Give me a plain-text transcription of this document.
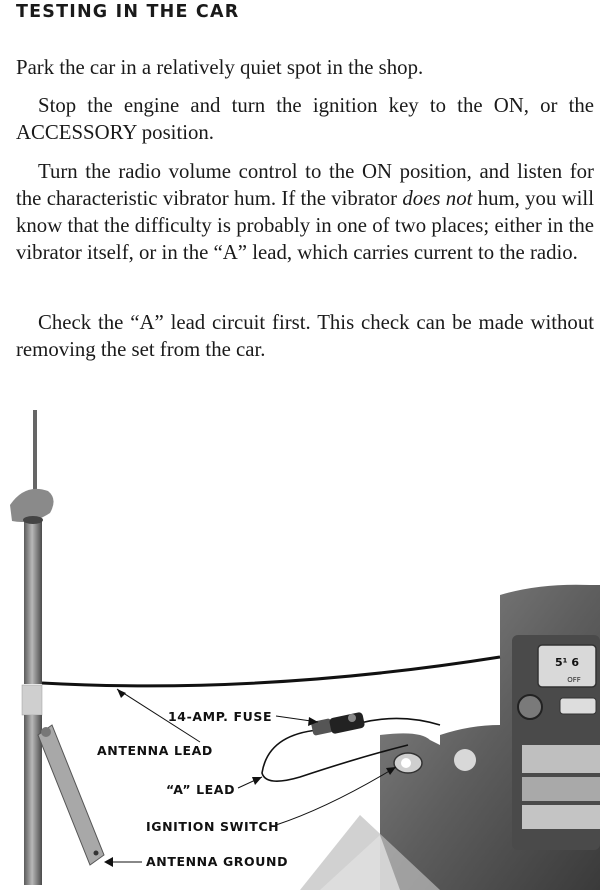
TESTING IN THE CAR

Park the car in a relatively quiet spot in the shop.

Stop the engine and turn the ignition key to the ON, or the ACCESSORY position.

Turn the radio volume control to the ON position, and listen for the characteristic vibrator hum. If the vibrator does not hum, you will know that the difficulty is probably in one of two places; either in the vibrator itself, or in the “A” lead, which carries current to the radio.

Check the “A” lead circuit first. This check can be made without removing the set from the car.

5¹ 6
OFF
14-AMP. FUSE
ANTENNA LEAD
“A” LEAD
IGNITION SWITCH
ANTENNA GROUND
